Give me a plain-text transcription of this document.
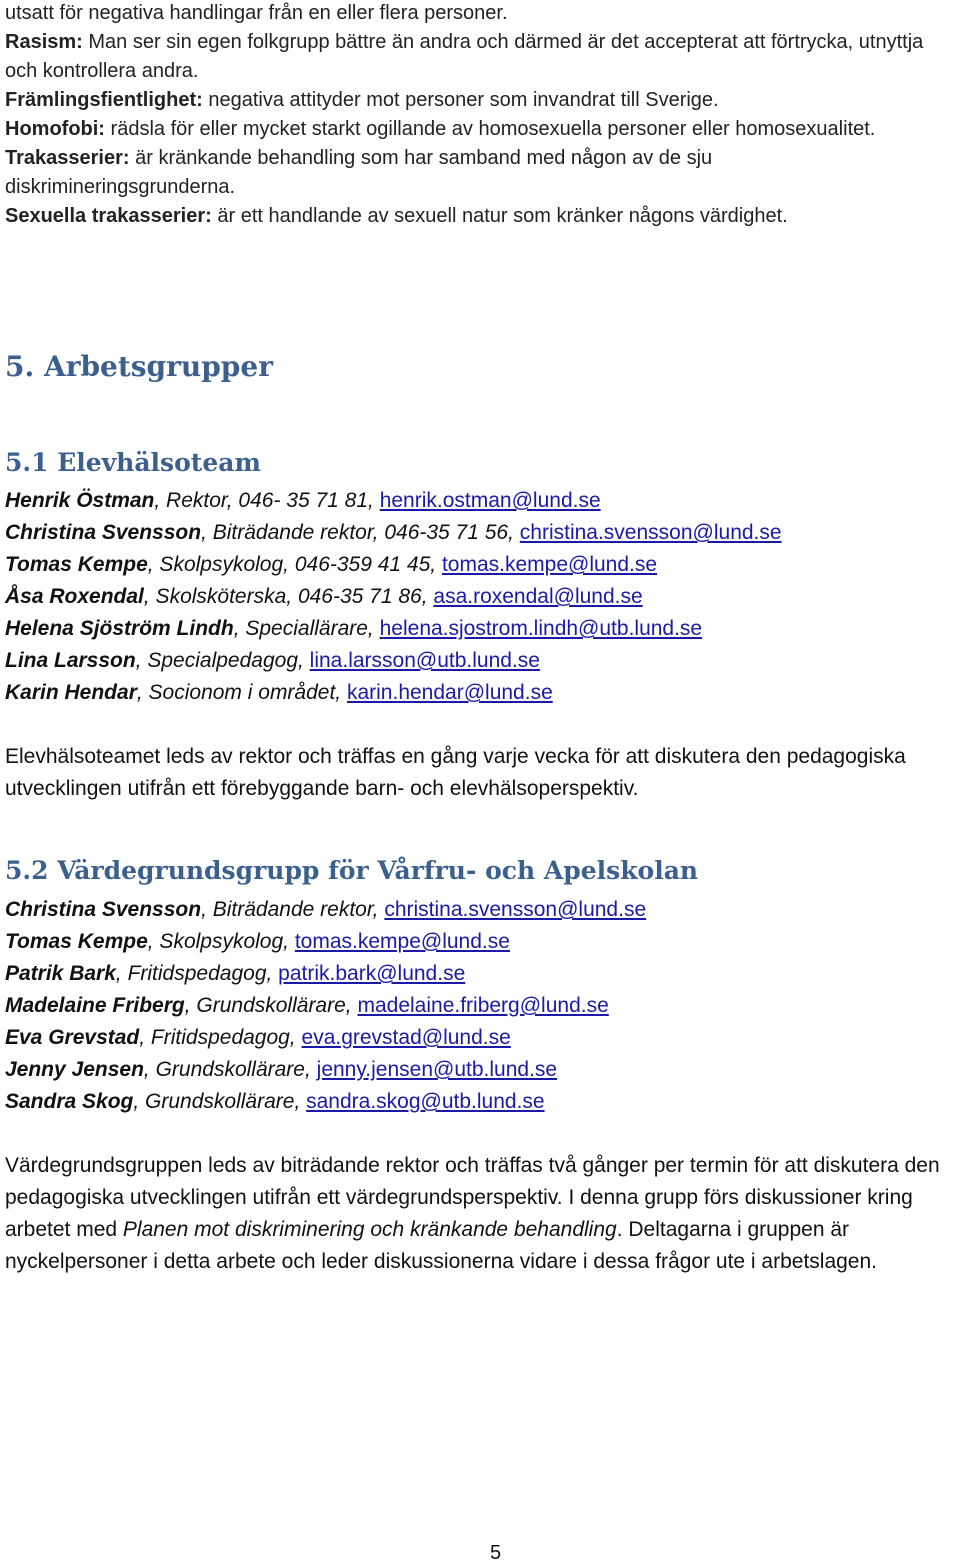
utsatt för negativa handlingar från en eller flera personer.

Rasism: Man ser sin egen folkgrupp bättre än andra och därmed är det accepterat att förtrycka, utnyttja och kontrollera andra.

Främlingsfientlighet: negativa attityder mot personer som invandrat till Sverige.

Homofobi: rädsla för eller mycket starkt ogillande av homosexuella personer eller homosexualitet.

Trakasserier: är kränkande behandling som har samband med någon av de sju diskrimineringsgrunderna.

Sexuella trakasserier: är ett handlande av sexuell natur som kränker någons värdighet.

5. Arbetsgrupper
5.1 Elevhälsoteam
Henrik Östman, Rektor, 046- 35 71 81, henrik.ostman@lund.se
Christina Svensson, Biträdande rektor, 046-35 71 56, christina.svensson@lund.se
Tomas Kempe, Skolpsykolog, 046-359 41 45, tomas.kempe@lund.se
Åsa Roxendal, Skolsköterska, 046-35 71 86, asa.roxendal@lund.se
Helena Sjöström Lindh, Speciallärare, helena.sjostrom.lindh@utb.lund.se
Lina Larsson, Specialpedagog, lina.larsson@utb.lund.se
Karin Hendar, Socionom i området, karin.hendar@lund.se

Elevhälsoteamet leds av rektor och träffas en gång varje vecka för att diskutera den pedagogiska utvecklingen utifrån ett förebyggande barn- och elevhälsoperspektiv.

5.2 Värdegrundsgrupp för Vårfru- och Apelskolan
Christina Svensson, Biträdande rektor, christina.svensson@lund.se
Tomas Kempe, Skolpsykolog, tomas.kempe@lund.se
Patrik Bark, Fritidspedagog, patrik.bark@lund.se
Madelaine Friberg, Grundskollärare, madelaine.friberg@lund.se
Eva Grevstad, Fritidspedagog, eva.grevstad@lund.se
Jenny Jensen, Grundskollärare, jenny.jensen@utb.lund.se
Sandra Skog, Grundskollärare, sandra.skog@utb.lund.se

Värdegrundsgruppen leds av biträdande rektor och träffas två gånger per termin för att diskutera den pedagogiska utvecklingen utifrån ett värdegrundsperspektiv. I denna grupp förs diskussioner kring arbetet med Planen mot diskriminering och kränkande behandling. Deltagarna i gruppen är nyckelpersoner i detta arbete och leder diskussionerna vidare i dessa frågor ute i arbetslagen.

5
